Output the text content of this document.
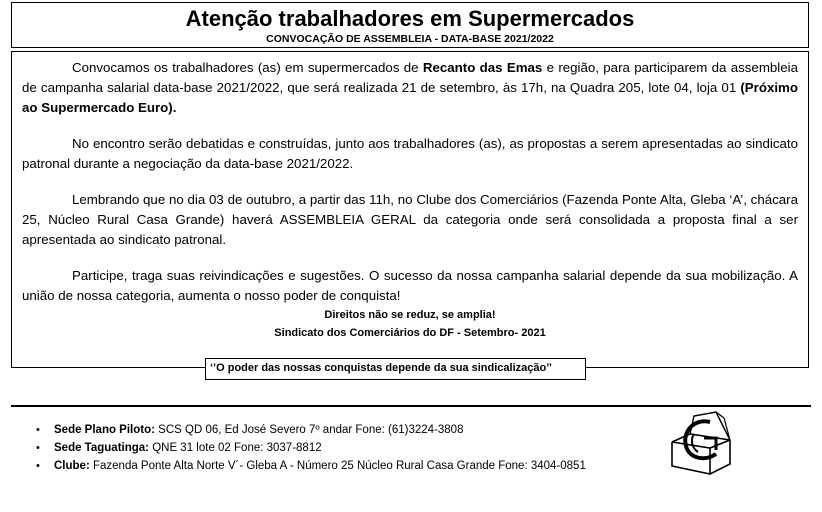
Atenção trabalhadores em Supermercados
CONVOCAÇÃO DE ASSEMBLEIA - DATA-BASE 2021/2022

Convocamos os trabalhadores (as) em supermercados de Recanto das Emas e região, para participarem da assembleia de campanha salarial data-base 2021/2022, que será realizada 21 de setembro, às 17h, na Quadra 205, lote 04, loja 01 (Próximo ao Supermercado Euro).

No encontro serão debatidas e construídas, junto aos trabalhadores (as), as propostas a serem apresentadas ao sindicato patronal durante a negociação da data-base 2021/2022.

Lembrando que no dia 03 de outubro, a partir das 11h, no Clube dos Comerciários (Fazenda Ponte Alta, Gleba ‘A’, chácara 25, Núcleo Rural Casa Grande) haverá ASSEMBLEIA GERAL da categoria onde será consolidada a proposta final a ser apresentada ao sindicato patronal.

Participe, traga suas reivindicações e sugestões. O sucesso da nossa campanha salarial depende da sua mobilização. A união de nossa categoria, aumenta o nosso poder de conquista!

Direitos não se reduz, se amplia!
Sindicato dos Comerciários do DF - Setembro- 2021
‘’O poder das nossas conquistas depende da sua sindicalização’’
• Sede Plano Piloto: SCS QD 06, Ed José Severo 7º andar Fone: (61)3224-3808
• Sede Taguatinga: QNE 31 lote 02 Fone: 3037-8812
• Clube: Fazenda Ponte Alta Norte V´- Gleba A - Número 25 Núcleo Rural Casa Grande Fone: 3404-0851
